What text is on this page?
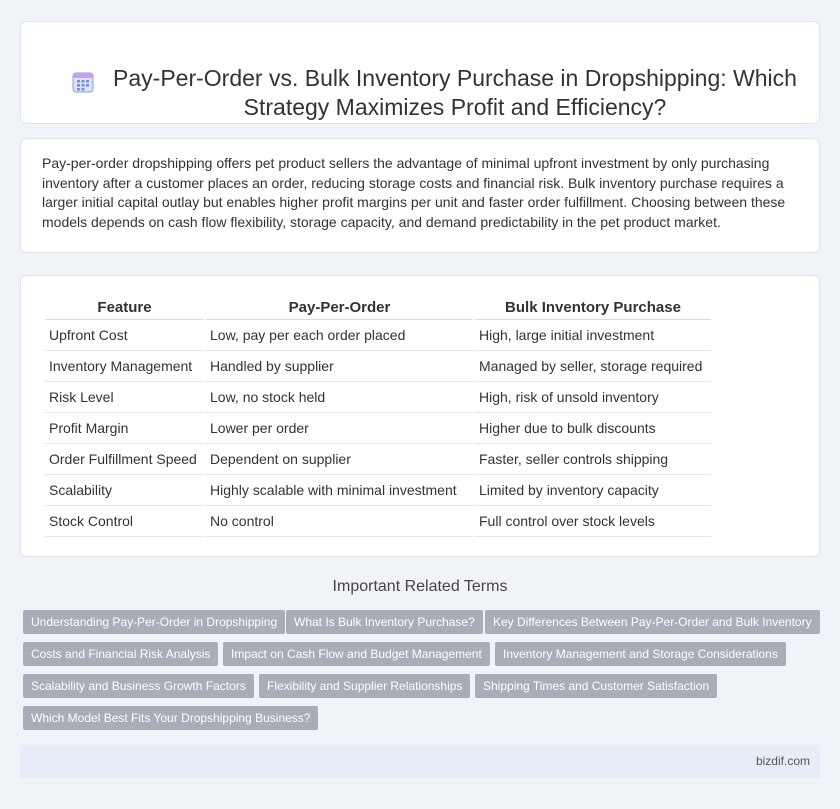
Pay-Per-Order vs. Bulk Inventory Purchase in Dropshipping: Which Strategy Maximizes Profit and Efficiency?

Pay-per-order dropshipping offers pet product sellers the advantage of minimal upfront investment by only purchasing inventory after a customer places an order, reducing storage costs and financial risk. Bulk inventory purchase requires a larger initial capital outlay but enables higher profit margins per unit and faster order fulfillment. Choosing between these models depends on cash flow flexibility, storage capacity, and demand predictability in the pet product market.

Feature	Pay-Per-Order	Bulk Inventory Purchase
Upfront Cost	Low, pay per each order placed	High, large initial investment
Inventory Management	Handled by supplier	Managed by seller, storage required
Risk Level	Low, no stock held	High, risk of unsold inventory
Profit Margin	Lower per order	Higher due to bulk discounts
Order Fulfillment Speed	Dependent on supplier	Faster, seller controls shipping
Scalability	Highly scalable with minimal investment	Limited by inventory capacity
Stock Control	No control	Full control over stock levels
Important Related Terms
Understanding Pay-Per-Order in Dropshipping	What Is Bulk Inventory Purchase?	Key Differences Between Pay-Per-Order and Bulk Inventory
Costs and Financial Risk Analysis	Impact on Cash Flow and Budget Management	Inventory Management and Storage Considerations
Scalability and Business Growth Factors	Flexibility and Supplier Relationships	Shipping Times and Customer Satisfaction
Which Model Best Fits Your Dropshipping Business?
bizdif.com
